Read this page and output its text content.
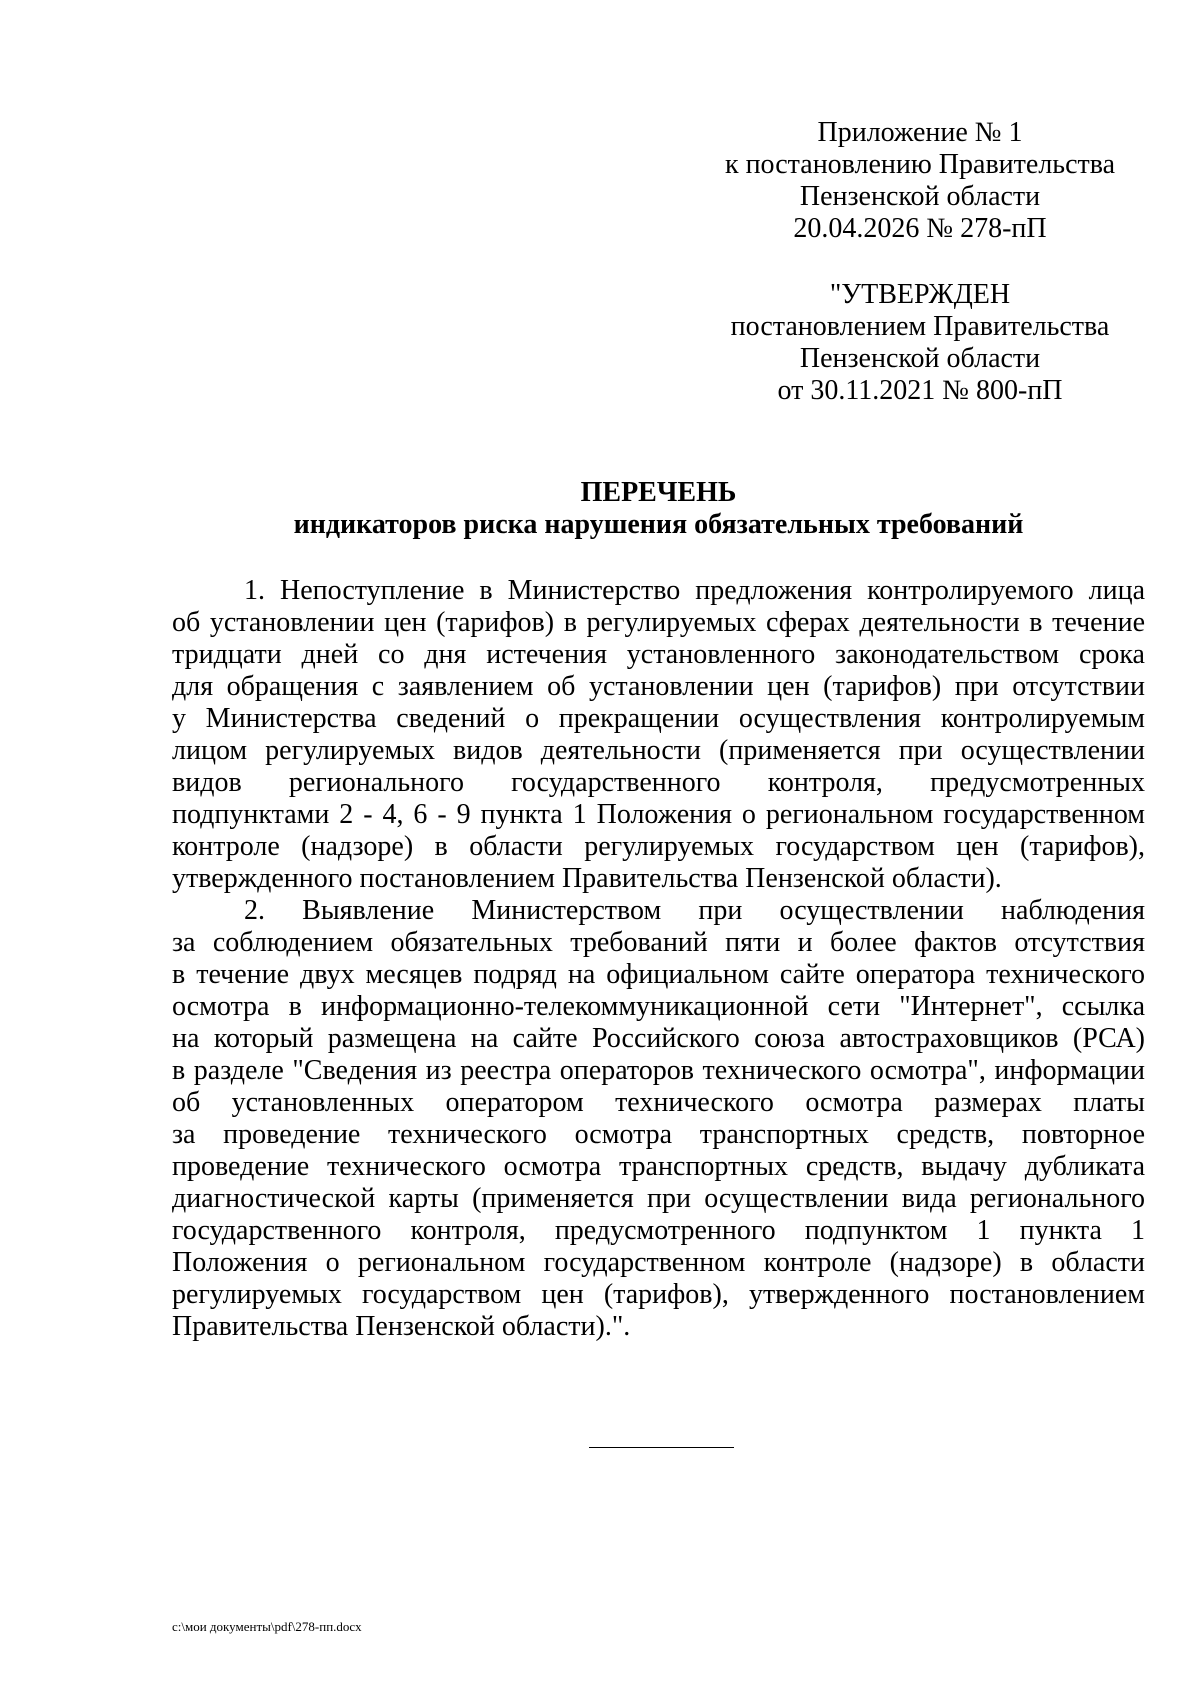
Приложение № 1
к постановлению Правительства
Пензенской области
20.04.2026 № 278-пП
"УТВЕРЖДЕН
постановлением Правительства
Пензенской области
от 30.11.2021 № 800-пП
ПЕРЕЧЕНЬ
индикаторов риска нарушения обязательных требований
1. Непоступление в Министерство предложения контролируемого лица
об установлении цен (тарифов) в регулируемых сферах деятельности в течение
тридцати дней со дня истечения установленного законодательством срока
для обращения с заявлением об установлении цен (тарифов) при отсутствии
у Министерства сведений о прекращении осуществления контролируемым
лицом регулируемых видов деятельности (применяется при осуществлении
видов регионального государственного контроля, предусмотренных
подпунктами 2 - 4, 6 - 9 пункта 1 Положения о региональном государственном
контроле (надзоре) в области регулируемых государством цен (тарифов),
утвержденного постановлением Правительства Пензенской области).
2. Выявление Министерством при осуществлении наблюдения
за соблюдением обязательных требований пяти и более фактов отсутствия
в течение двух месяцев подряд на официальном сайте оператора технического
осмотра в информационно-телекоммуникационной сети "Интернет", ссылка
на который размещена на сайте Российского союза автостраховщиков (РСА)
в разделе "Сведения из реестра операторов технического осмотра", информации
об установленных оператором технического осмотра размерах платы
за проведение технического осмотра транспортных средств, повторное
проведение технического осмотра транспортных средств, выдачу дубликата
диагностической карты (применяется при осуществлении вида регионального
государственного контроля, предусмотренного подпунктом 1 пункта 1
Положения о региональном государственном контроле (надзоре) в области
регулируемых государством цен (тарифов), утвержденного постановлением
Правительства Пензенской области).".
c:\мои документы\pdf\278-пп.docx
